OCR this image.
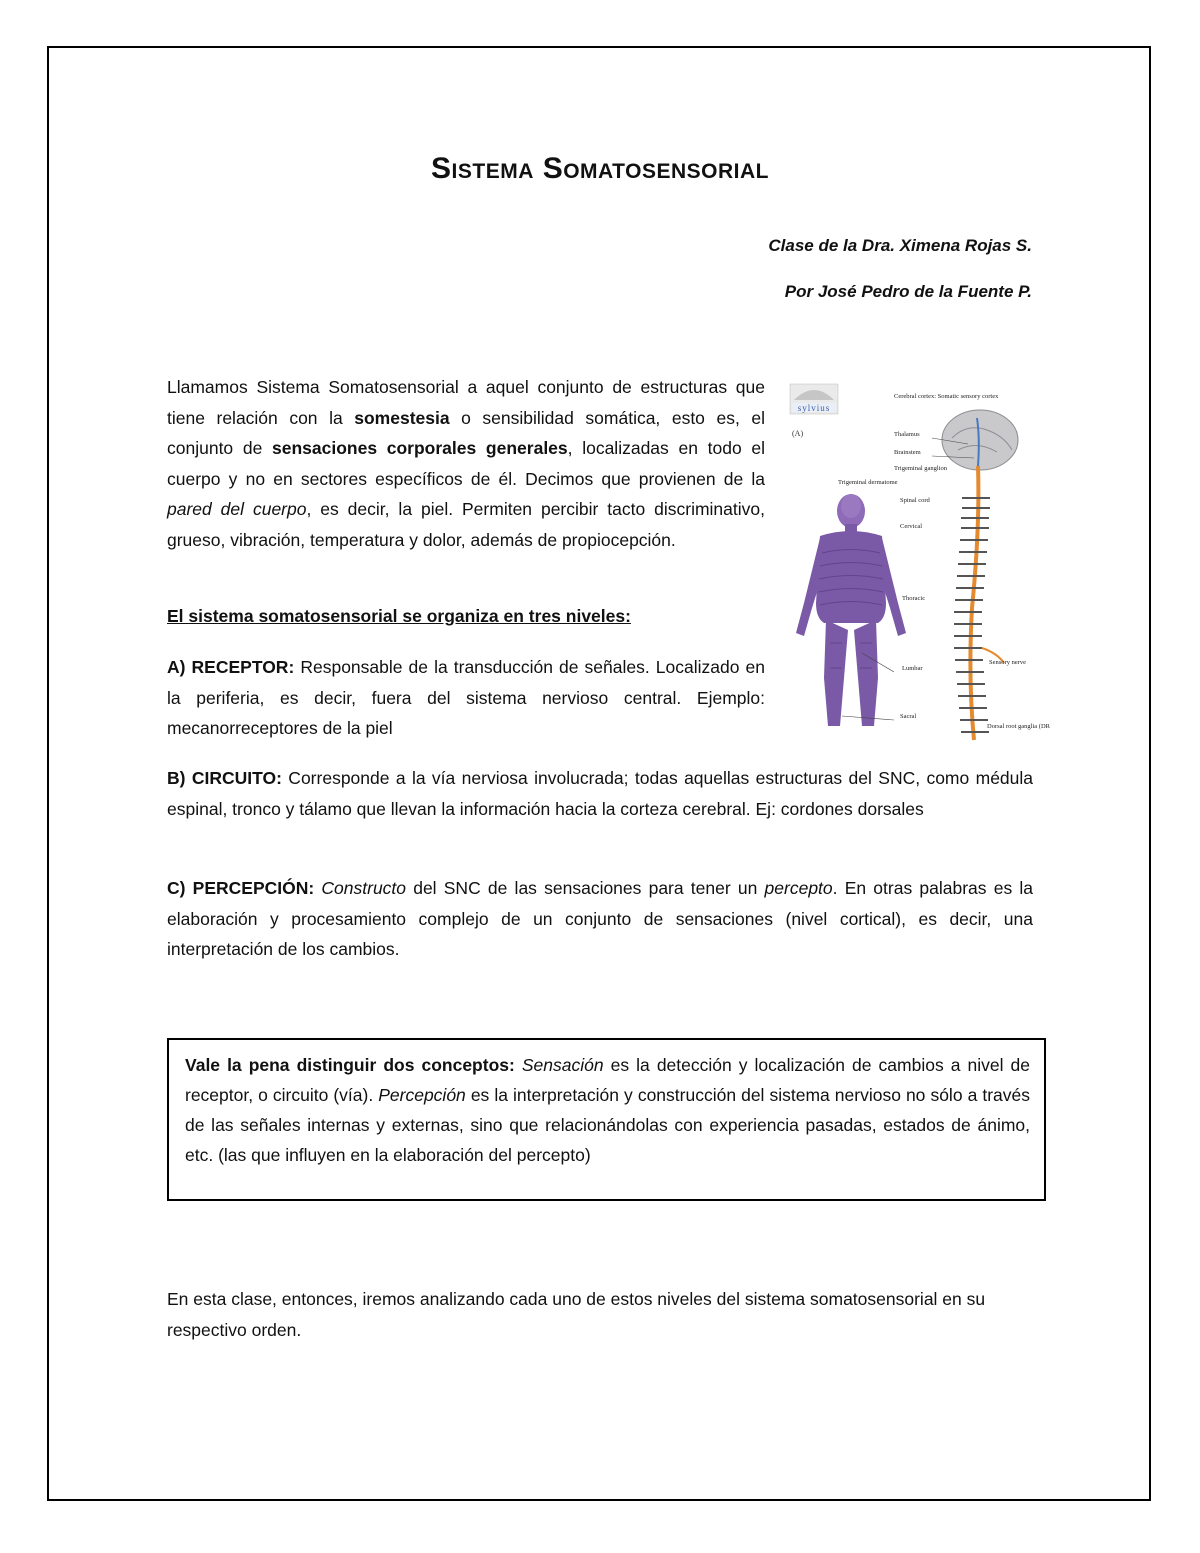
Sistema Somatosensorial
Clase de la Dra. Ximena Rojas S.
Por José Pedro de la Fuente P.
Llamamos Sistema Somatosensorial a aquel conjunto de estructuras que tiene relación con la somestesia o sensibilidad somática, esto es, el conjunto de sensaciones corporales generales, localizadas en todo el cuerpo y no en sectores específicos de él. Decimos que provienen de la pared del cuerpo, es decir, la piel. Permiten percibir tacto discriminativo, grueso, vibración, temperatura y dolor, además de propiocepción.
El sistema somatosensorial se organiza en tres niveles:
A) RECEPTOR: Responsable de la transducción de señales. Localizado en la periferia, es decir, fuera del sistema nervioso central. Ejemplo: mecanorreceptores de la piel
B) CIRCUITO: Corresponde a la vía nerviosa involucrada; todas aquellas estructuras del SNC, como médula espinal, tronco y tálamo que llevan la información hacia la corteza cerebral. Ej: cordones dorsales
C) PERCEPCIÓN: Constructo del SNC de las sensaciones para tener un percepto. En otras palabras es la elaboración y procesamiento complejo de un conjunto de sensaciones (nivel cortical), es decir, una interpretación de los cambios.
Vale la pena distinguir dos conceptos: Sensación es la detección y localización de cambios a nivel de receptor, o circuito (vía). Percepción es la interpretación y construcción del sistema nervioso no sólo a través de las señales internas y externas, sino que relacionándolas con experiencia pasadas, estados de ánimo, etc. (las que influyen en la elaboración del percepto)
En esta clase, entonces, iremos analizando cada uno de estos niveles del sistema somatosensorial en su respectivo orden.
sylvius
(A)
Cerebral cortex: Somatic sensory cortex
Thalamus
Brainstem
Trigeminal ganglion
Trigeminal dermatome
Spinal cord
Cervical
Thoracic
Lumbar
Sacral
Sensory nerve
Dorsal root ganglia (DRG)
